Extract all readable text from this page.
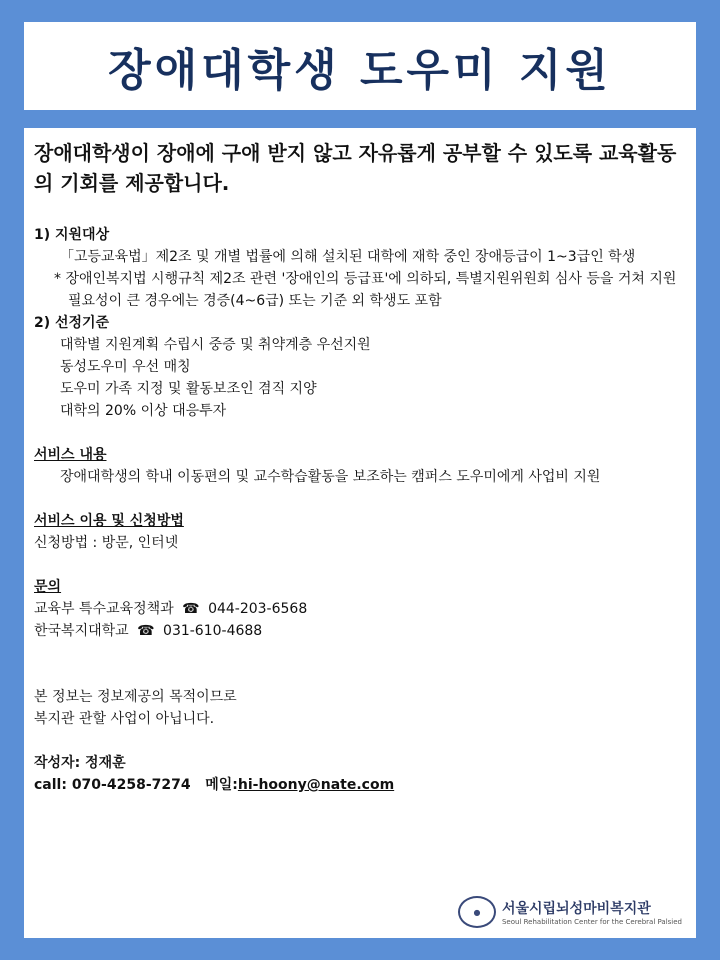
장애대학생 도우미 지원
장애대학생이 장애에 구애 받지 않고 자유롭게 공부할 수 있도록 교육활동의 기회를 제공합니다.
1) 지원대상
「고등교육법」제2조 및 개별 법률에 의해 설치된 대학에 재학 중인 장애등급이 1~3급인 학생
* 장애인복지법 시행규칙 제2조 관련 '장애인의 등급표'에 의하되, 특별지원위원회 심사 등을 거쳐 지원 필요성이 큰 경우에는 경증(4~6급) 또는 기준 외 학생도 포함
2) 선정기준
대학별 지원계획 수립시 중증 및 취약계층 우선지원
동성도우미 우선 매칭
도우미 가족 지정 및 활동보조인 겸직 지양
대학의 20% 이상 대응투자
서비스 내용
장애대학생의 학내 이동편의 및 교수학습활동을 보조하는 캠퍼스 도우미에게 사업비 지원
서비스 이용 및 신청방법
신청방법 : 방문, 인터넷
문의
교육부 특수교육정책과 ☎ 044-203-6568
한국복지대학교 ☎ 031-610-4688
본 정보는 정보제공의 목적이므로
복지관 관할 사업이 아닙니다.
작성자: 정재훈
call: 070-4258-7274 메일:hi-hoony@nate.com
●	서울시립뇌성마비복지관
Seoul Rehabilitation Center for the Cerebral Palsied
